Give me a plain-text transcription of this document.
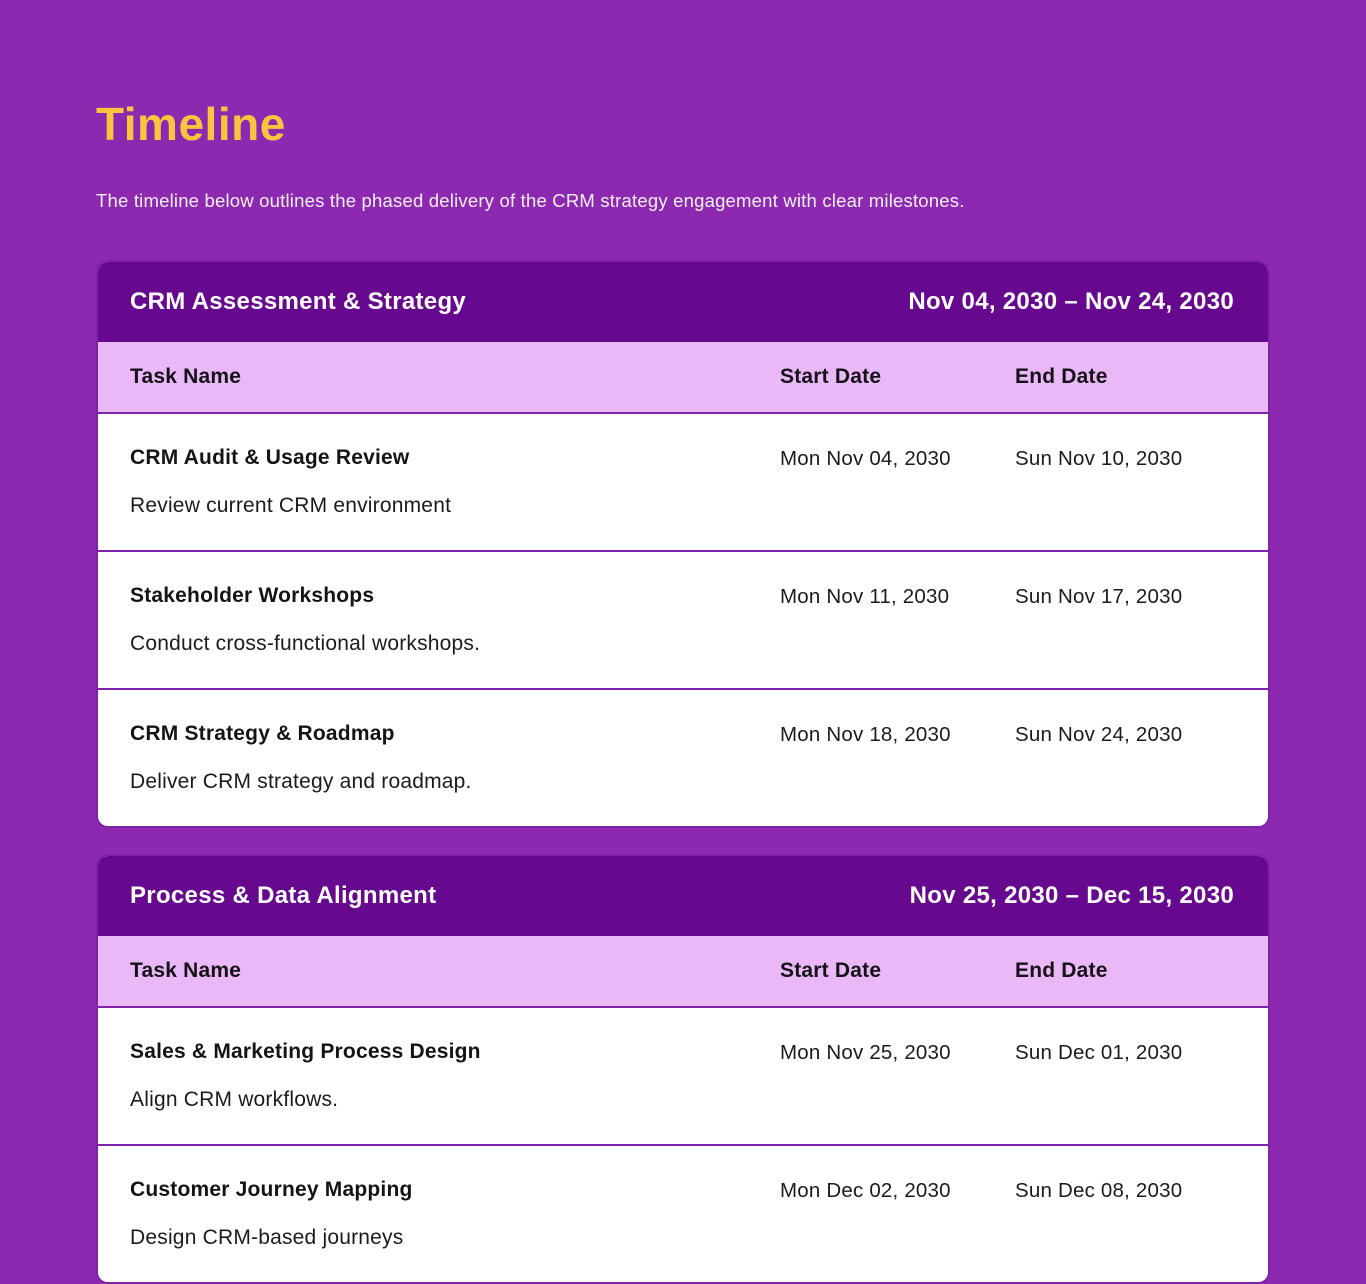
Timeline

The timeline below outlines the phased delivery of the CRM strategy engagement with clear milestones.

CRM Assessment & Strategy	Nov 04, 2030 – Nov 24, 2030
Task Name	Start Date	End Date
CRM Audit & Usage Review
Review current CRM environment
Mon Nov 04, 2030	Sun Nov 10, 2030
Stakeholder Workshops
Conduct cross-functional workshops.
Mon Nov 11, 2030	Sun Nov 17, 2030
CRM Strategy & Roadmap
Deliver CRM strategy and roadmap.
Mon Nov 18, 2030	Sun Nov 24, 2030
Process & Data Alignment	Nov 25, 2030 – Dec 15, 2030
Task Name	Start Date	End Date
Sales & Marketing Process Design
Align CRM workflows.
Mon Nov 25, 2030	Sun Dec 01, 2030
Customer Journey Mapping
Design CRM-based journeys
Mon Dec 02, 2030	Sun Dec 08, 2030
